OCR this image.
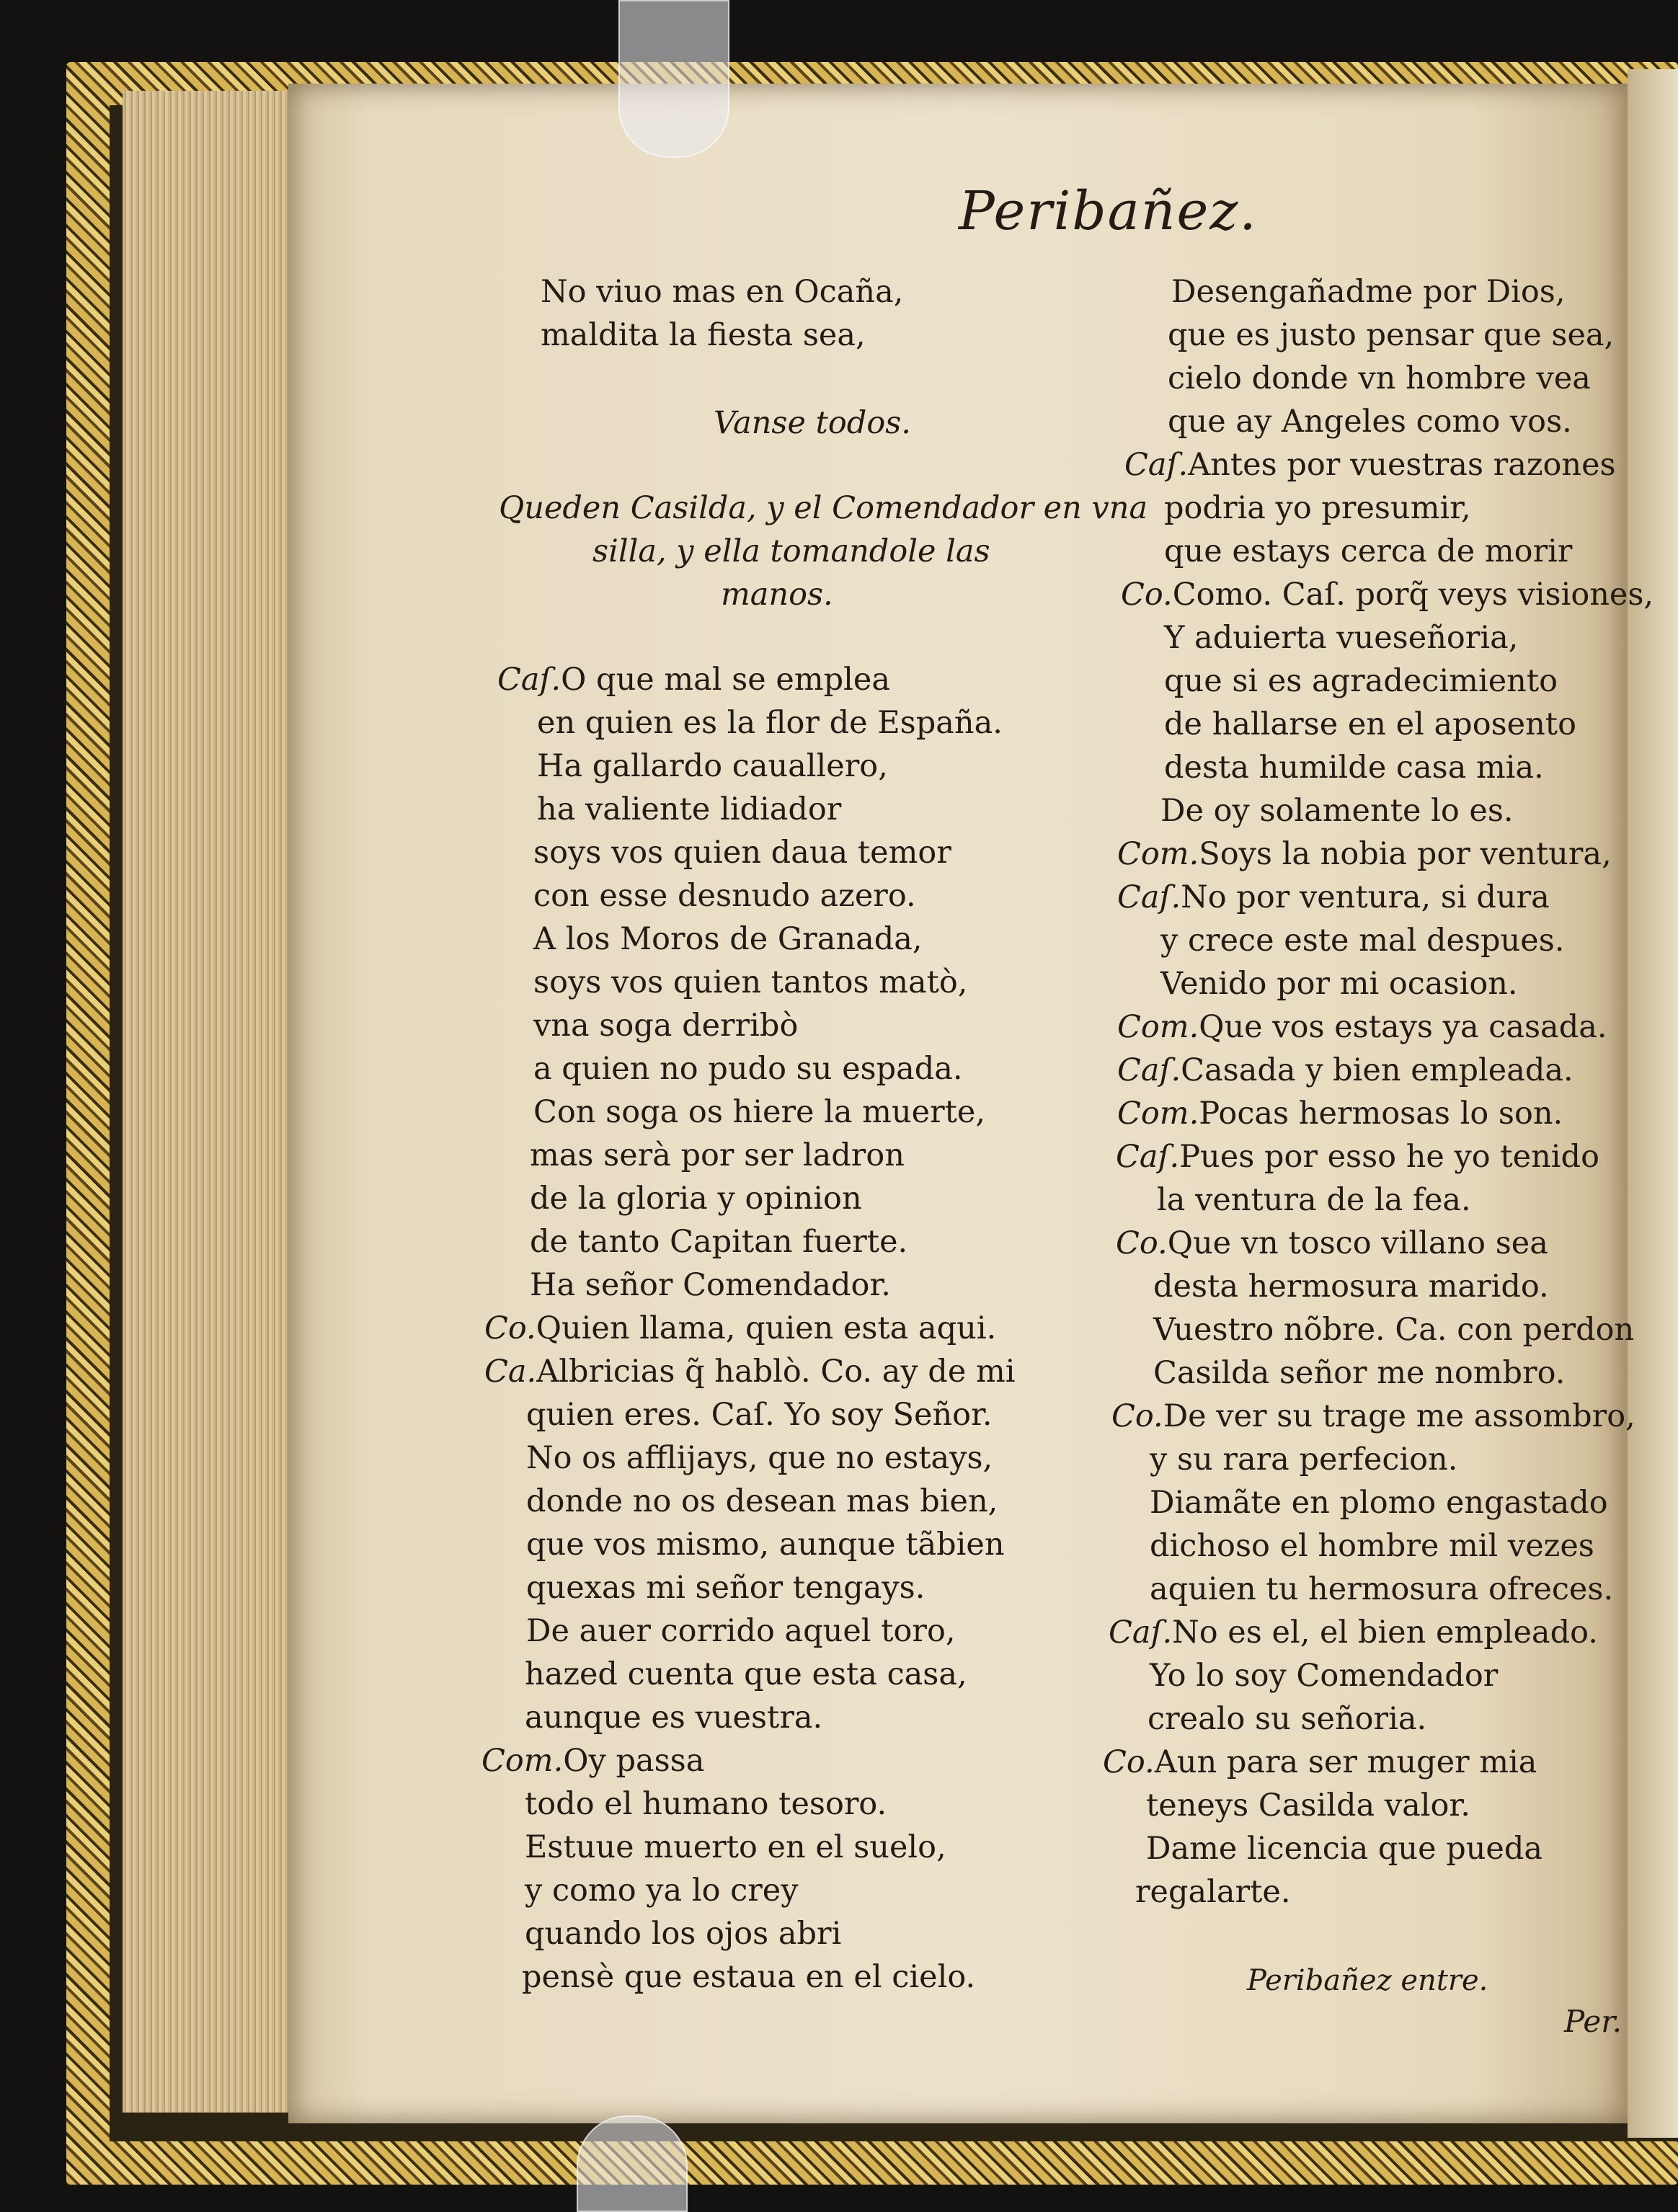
Peribañez.
No viuo mas en Ocaña,
maldita la fiesta sea,
Vanse todos.
Queden Casilda, y el Comendador en vna
silla, y ella tomandole las
manos.
Caſ.O que mal se emplea
en quien es la flor de España.
Ha gallardo cauallero,
ha valiente lidiador
soys vos quien daua temor
con esse desnudo azero.
A los Moros de Granada,
soys vos quien tantos matò,
vna soga derribò
a quien no pudo su espada.
Con soga os hiere la muerte,
mas serà por ser ladron
de la gloria y opinion
de tanto Capitan fuerte.
Ha señor Comendador.
Co.Quien llama, quien esta aqui.
Ca.Albricias q̃ hablò. Co. ay de mi
quien eres. Caſ. Yo soy Señor.
No os afflijays, que no estays,
donde no os desean mas bien,
que vos mismo, aunque tãbien
quexas mi señor tengays.
De auer corrido aquel toro,
hazed cuenta que esta casa,
aunque es vuestra.
Com.Oy passa
todo el humano tesoro.
Estuue muerto en el suelo,
y como ya lo crey
quando los ojos abri
pensè que estaua en el cielo.
Desengañadme por Dios,
que es justo pensar que sea,
cielo donde vn hombre vea
que ay Angeles como vos.
Caſ.Antes por vuestras razones
podria yo presumir,
que estays cerca de morir
Co.Como. Caſ. porq̃ veys visiones,
Y aduierta vueseñoria,
que si es agradecimiento
de hallarse en el aposento
desta humilde casa mia.
De oy solamente lo es.
Com.Soys la nobia por ventura,
Caſ.No por ventura, si dura
y crece este mal despues.
Venido por mi ocasion.
Com.Que vos estays ya casada.
Caſ.Casada y bien empleada.
Com.Pocas hermosas lo son.
Caſ.Pues por esso he yo tenido
la ventura de la fea.
Co.Que vn tosco villano sea
desta hermosura marido.
Vuestro nõbre. Ca. con perdon
Casilda señor me nombro.
Co.De ver su trage me assombro,
y su rara perfecion.
Diamãte en plomo engastado
dichoso el hombre mil vezes
aquien tu hermosura ofreces.
Caſ.No es el, el bien empleado.
Yo lo soy Comendador
crealo su señoria.
Co.Aun para ser muger mia
teneys Casilda valor.
Dame licencia que pueda
regalarte.
Peribañez entre.
Per.
